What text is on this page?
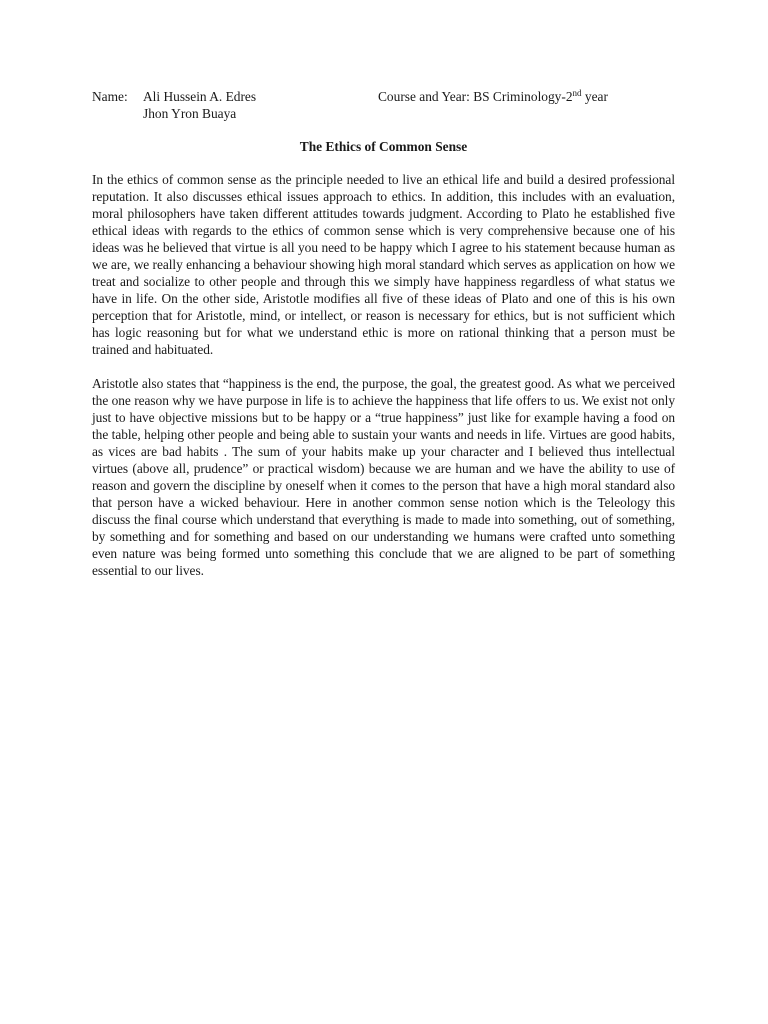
Name: Ali Hussein A. Edres
Jhon Yron Buaya
Course and Year: BS Criminology-2nd year
The Ethics of Common Sense

In the ethics of common sense as the principle needed to live an ethical life and build a desired professional reputation. It also discusses ethical issues approach to ethics. In addition, this includes with an evaluation, moral philosophers have taken different attitudes towards judgment. According to Plato he established five ethical ideas with regards to the ethics of common sense which is very comprehensive because one of his ideas was he believed that virtue is all you need to be happy which I agree to his statement because human as we are, we really enhancing a behaviour showing high moral standard which serves as application on how we treat and socialize to other people and through this we simply have happiness regardless of what status we have in life. On the other side, Aristotle modifies all five of these ideas of Plato and one of this is his own perception that for Aristotle, mind, or intellect, or reason is necessary for ethics, but is not sufficient which has logic reasoning but for what we understand ethic is more on rational thinking that a person must be trained and habituated.

Aristotle also states that “happiness is the end, the purpose, the goal, the greatest good. As what we perceived the one reason why we have purpose in life is to achieve the happiness that life offers to us. We exist not only just to have objective missions but to be happy or a “true happiness” just like for example having a food on the table, helping other people and being able to sustain your wants and needs in life. Virtues are good habits, as vices are bad habits . The sum of your habits make up your character and I believed thus intellectual virtues (above all, prudence” or practical wisdom) because we are human and we have the ability to use of reason and govern the discipline by oneself when it comes to the person that have a high moral standard also that person have a wicked behaviour. Here in another common sense notion which is the Teleology this discuss the final course which understand that everything is made to made into something, out of something, by something and for something and based on our understanding we humans were crafted unto something even nature was being formed unto something this conclude that we are aligned to be part of something essential to our lives.
